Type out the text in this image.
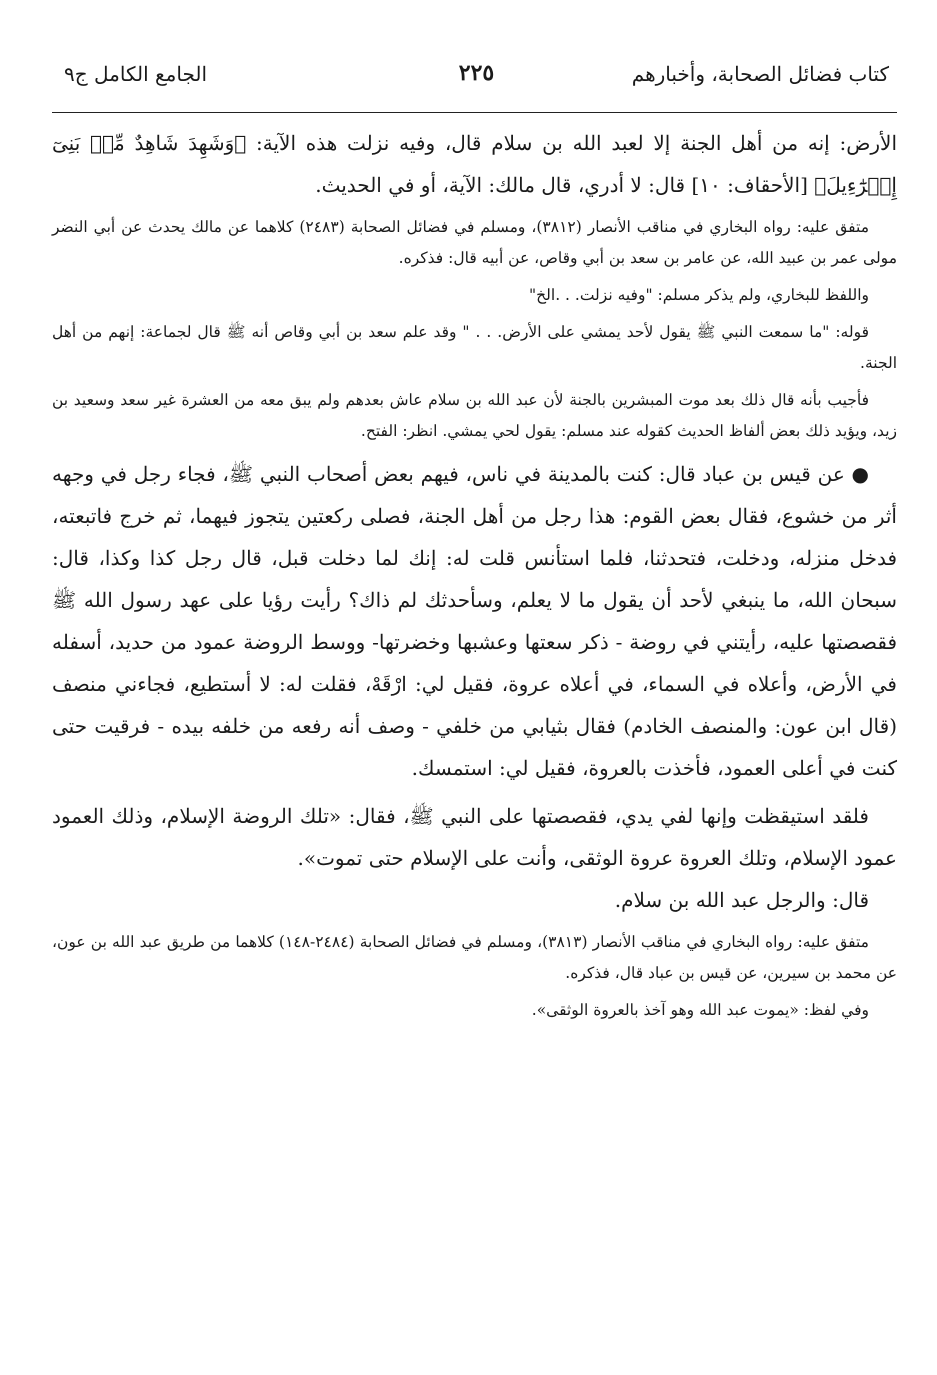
كتاب فضائل الصحابة، وأخبارهم
٢٢٥
الجامع الكامل ج٩

الأرض: إنه من أهل الجنة إلا لعبد الله بن سلام قال، وفيه نزلت هذه الآية: ﴿وَشَهِدَ شَاهِدٌ مِّنۢ بَنِىٓ إِسۡرَٰٓءِيلَ﴾ [الأحقاف: ١٠] قال: لا أدري، قال مالك: الآية، أو في الحديث.

متفق عليه: رواه البخاري في مناقب الأنصار (٣٨١٢)، ومسلم في فضائل الصحابة (٢٤٨٣) كلاهما عن مالك يحدث عن أبي النضر مولى عمر بن عبيد الله، عن عامر بن سعد بن أبي وقاص، عن أبيه قال: فذكره.

واللفظ للبخاري، ولم يذكر مسلم: "وفيه نزلت. . .الخ"

قوله: "ما سمعت النبي ﷺ يقول لأحد يمشي على الأرض. . . " وقد علم سعد بن أبي وقاص أنه ﷺ قال لجماعة: إنهم من أهل الجنة.

فأجيب بأنه قال ذلك بعد موت المبشرين بالجنة لأن عبد الله بن سلام عاش بعدهم ولم يبق معه من العشرة غير سعد وسعيد بن زيد، ويؤيد ذلك بعض ألفاظ الحديث كقوله عند مسلم: يقول لحي يمشي. انظر: الفتح.

● عن قيس بن عباد قال: كنت بالمدينة في ناس، فيهم بعض أصحاب النبي ﷺ، فجاء رجل في وجهه أثر من خشوع، فقال بعض القوم: هذا رجل من أهل الجنة، فصلى ركعتين يتجوز فيهما، ثم خرج فاتبعته، فدخل منزله، ودخلت، فتحدثنا، فلما استأنس قلت له: إنك لما دخلت قبل، قال رجل كذا وكذا، قال: سبحان الله، ما ينبغي لأحد أن يقول ما لا يعلم، وسأحدثك لم ذاك؟ رأيت رؤيا على عهد رسول الله ﷺ فقصصتها عليه، رأيتني في روضة - ذكر سعتها وعشبها وخضرتها- ووسط الروضة عمود من حديد، أسفله في الأرض، وأعلاه في السماء، في أعلاه عروة، فقيل لي: ارْقَهْ، فقلت له: لا أستطيع، فجاءني منصف (قال ابن عون: والمنصف الخادم) فقال بثيابي من خلفي - وصف أنه رفعه من خلفه بيده - فرقيت حتى كنت في أعلى العمود، فأخذت بالعروة، فقيل لي: استمسك.

فلقد استيقظت وإنها لفي يدي، فقصصتها على النبي ﷺ، فقال: «تلك الروضة الإسلام، وذلك العمود عمود الإسلام، وتلك العروة عروة الوثقى، وأنت على الإسلام حتى تموت».

قال: والرجل عبد الله بن سلام.

متفق عليه: رواه البخاري في مناقب الأنصار (٣٨١٣)، ومسلم في فضائل الصحابة (٢٤٨٤-١٤٨) كلاهما من طريق عبد الله بن عون، عن محمد بن سيرين، عن قيس بن عباد قال، فذكره.

وفي لفظ: «يموت عبد الله وهو آخذ بالعروة الوثقى».
